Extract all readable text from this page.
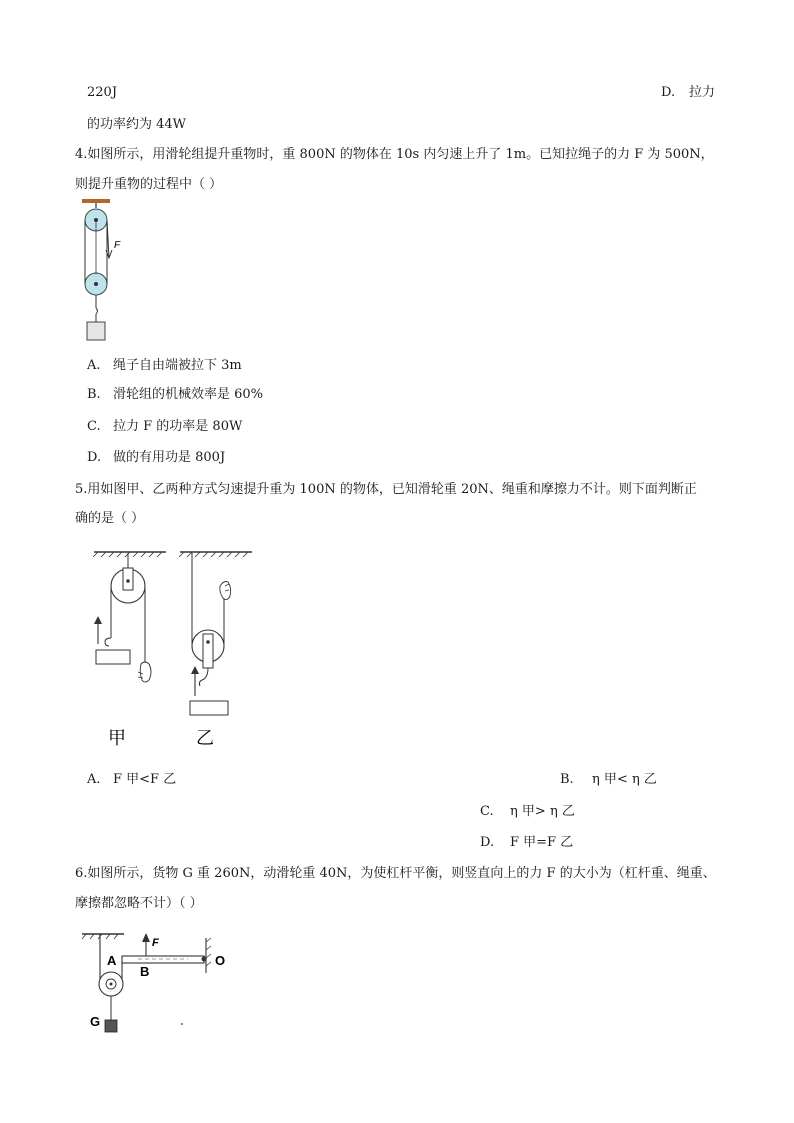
220J	D. 拉力
的功率约为 44W
4.如图所示，用滑轮组提升重物时，重 800N 的物体在 10s 内匀速上升了 1m。已知拉绳子的力 F 为 500N，
则提升重物的过程中（ ）
F
A. 绳子自由端被拉下 3m
B. 滑轮组的机械效率是 60%
C. 拉力 F 的功率是 80W
D. 做的有用功是 800J
5.用如图甲、乙两种方式匀速提升重为 100N 的物体，已知滑轮重 20N、绳重和摩擦力不计。则下面判断正
确的是（ ）
甲	乙
A. F 甲<F 乙	B. η 甲< η 乙
C. η 甲> η 乙
D. F 甲=F 乙
6.如图所示，货物 G 重 260N，动滑轮重 40N，为使杠杆平衡，则竖直向上的力 F 的大小为（杠杆重、绳重、
摩擦都忽略不计）（ ）
A
B
F
O
G
